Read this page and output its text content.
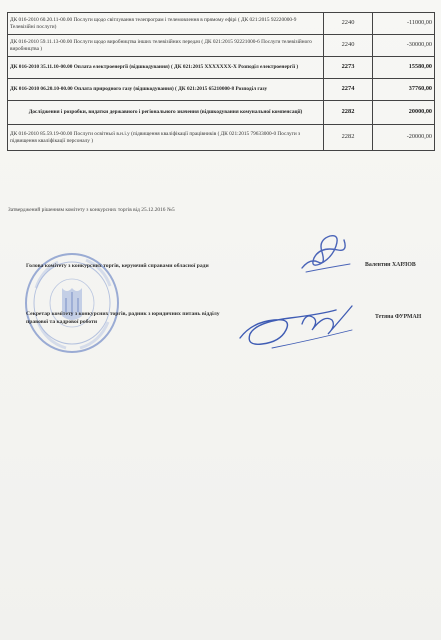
ДК 016-2010 60.20.11-00.00 Послуги щодо світлування телепрограм і телемовлення в прямому ефірі ( ДК 021:2015 92220000-9 Телевізійні послуги)	2240	-11000,00
ДК 016-2010 59.11.13-00.00 Послуги щодо виробництва інших телевізійних передач ( ДК 021:2015 92221000-6 Послуги телевізійного виробництва )	2240	-30000,00
ДК 016-2010 35.11.10-00.00 Оплата електроенергії (відшкодування) ( ДК 021:2015 ХХХХХХХ-Х Розподіл електроенергії )	2273	15580,00
ДК 016-2010 06.20.10-00.00 Оплата природного газу (відшкодування) ( ДК 021:2015 65210000-8 Розподіл газу	2274	37760,00
Дослідження і розробки, видатки державного і регіонального значення (відшкодування комунальної компенсації)	2282	20000,00
ДК 016-2010 85.59.19-00.00 Послуги освітньої в.н.і.у (підвищення кваліфікації працівників ( ДК 021:2015 79633000-0 Послуги з підвищення кваліфікації персоналу )	2282	-20000,00
Затверджений рішенням комітету з конкурсних торгів від 25.12.2016 №5
Голова комітету з конкурсних торгів, керуючий справами обласної ради	Валентин ХАРЛОВ
Секретар комітету з конкурсних торгів, радник з юридичних питань відділу
правової та кадрової роботи
Тетяна ФУРМАН
